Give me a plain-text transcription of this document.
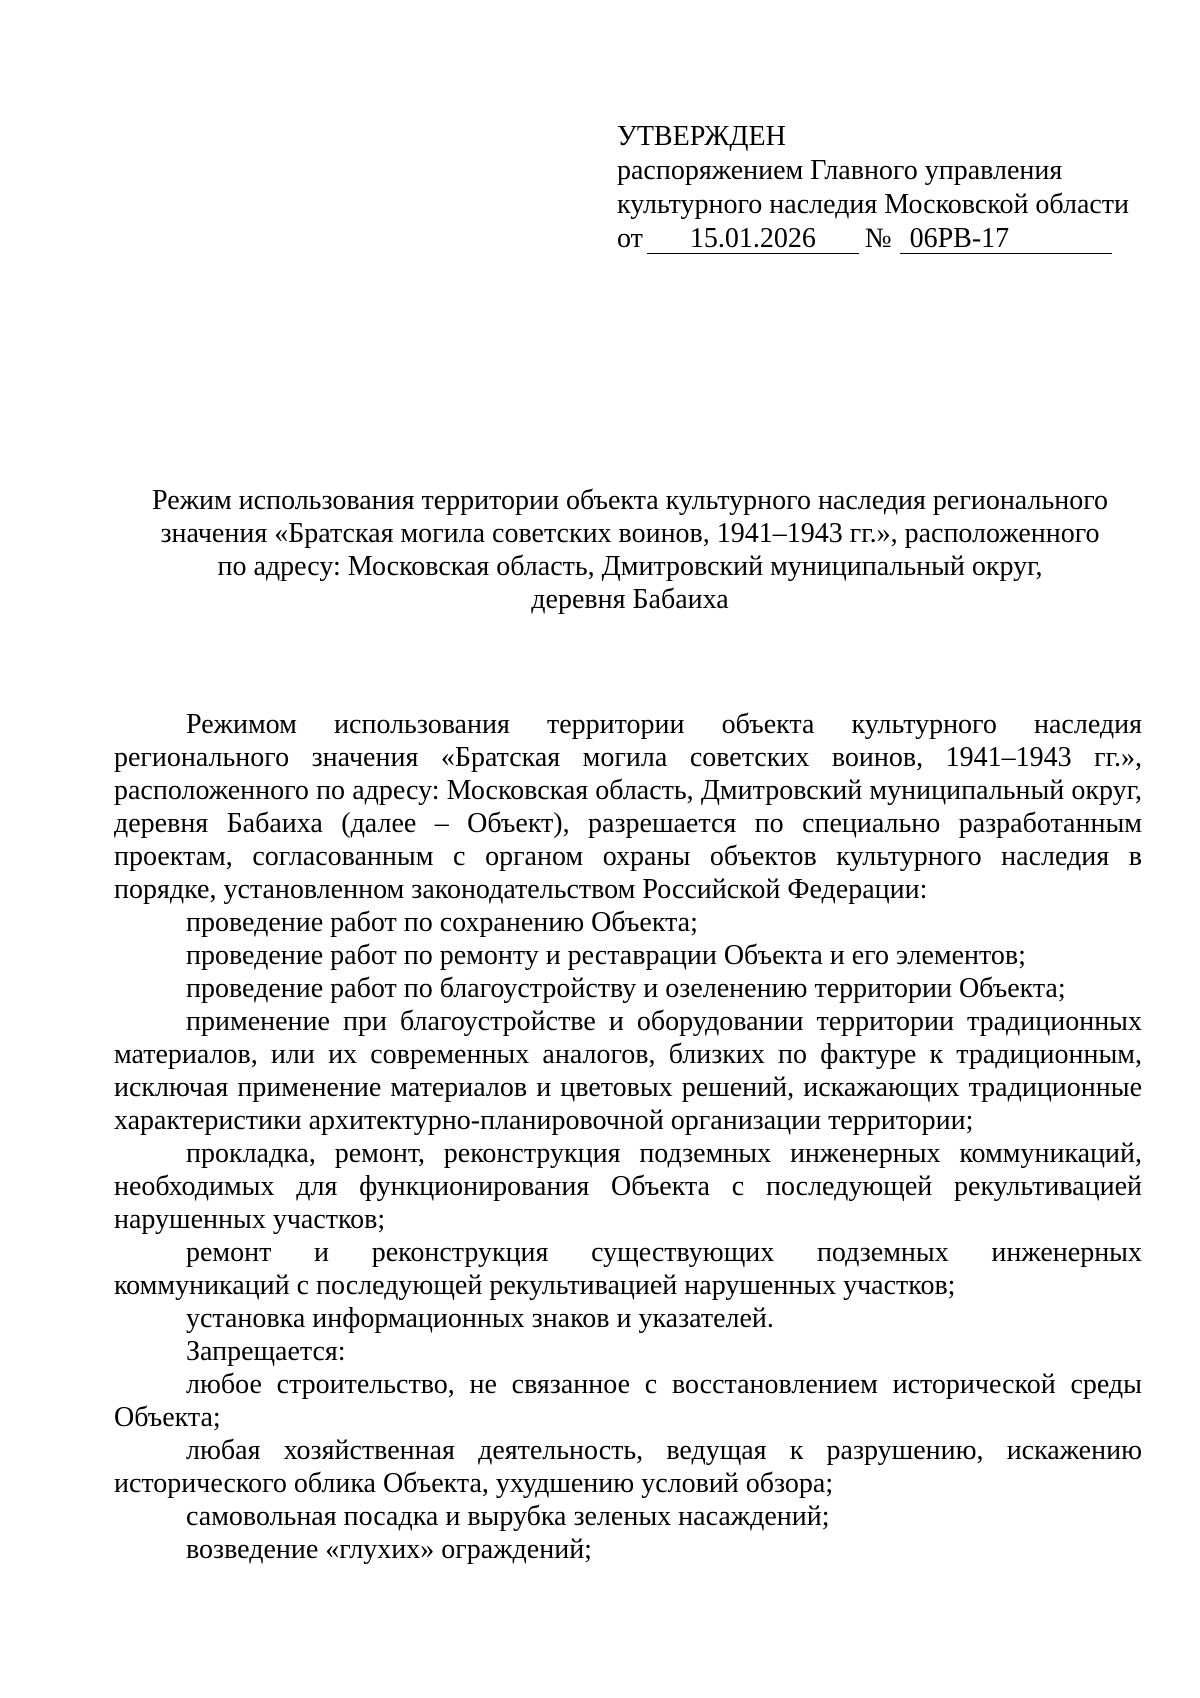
УТВЕРЖДЕН
распоряжением Главного управления
культурного наследия Московской области
от	15.01.2026	№ 06РВ-17
Режим использования территории объекта культурного наследия регионального
значения «Братская могила советских воинов, 1941–1943 гг.», расположенного
по адресу: Московская область, Дмитровский муниципальный округ,
деревня Бабаиха

Режимом использования территории объекта культурного наследия регионального значения «Братская могила советских воинов, 1941–1943 гг.», расположенного по адресу: Московская область, Дмитровский муниципальный округ, деревня Бабаиха (далее – Объект), разрешается по специально разработанным проектам, согласованным с органом охраны объектов культурного наследия в порядке, установленном законодательством Российской Федерации:

проведение работ по сохранению Объекта;

проведение работ по ремонту и реставрации Объекта и его элементов;

проведение работ по благоустройству и озеленению территории Объекта;

применение при благоустройстве и оборудовании территории традиционных материалов, или их современных аналогов, близких по фактуре к традиционным, исключая применение материалов и цветовых решений, искажающих традиционные характеристики архитектурно-планировочной организации территории;

прокладка, ремонт, реконструкция подземных инженерных коммуникаций, необходимых для функционирования Объекта с последующей рекультивацией нарушенных участков;

ремонт и реконструкция существующих подземных инженерных коммуникаций с последующей рекультивацией нарушенных участков;

установка информационных знаков и указателей.

Запрещается:

любое строительство, не связанное с восстановлением исторической среды Объекта;

любая хозяйственная деятельность, ведущая к разрушению, искажению исторического облика Объекта, ухудшению условий обзора;

самовольная посадка и вырубка зеленых насаждений;

возведение «глухих» ограждений;
